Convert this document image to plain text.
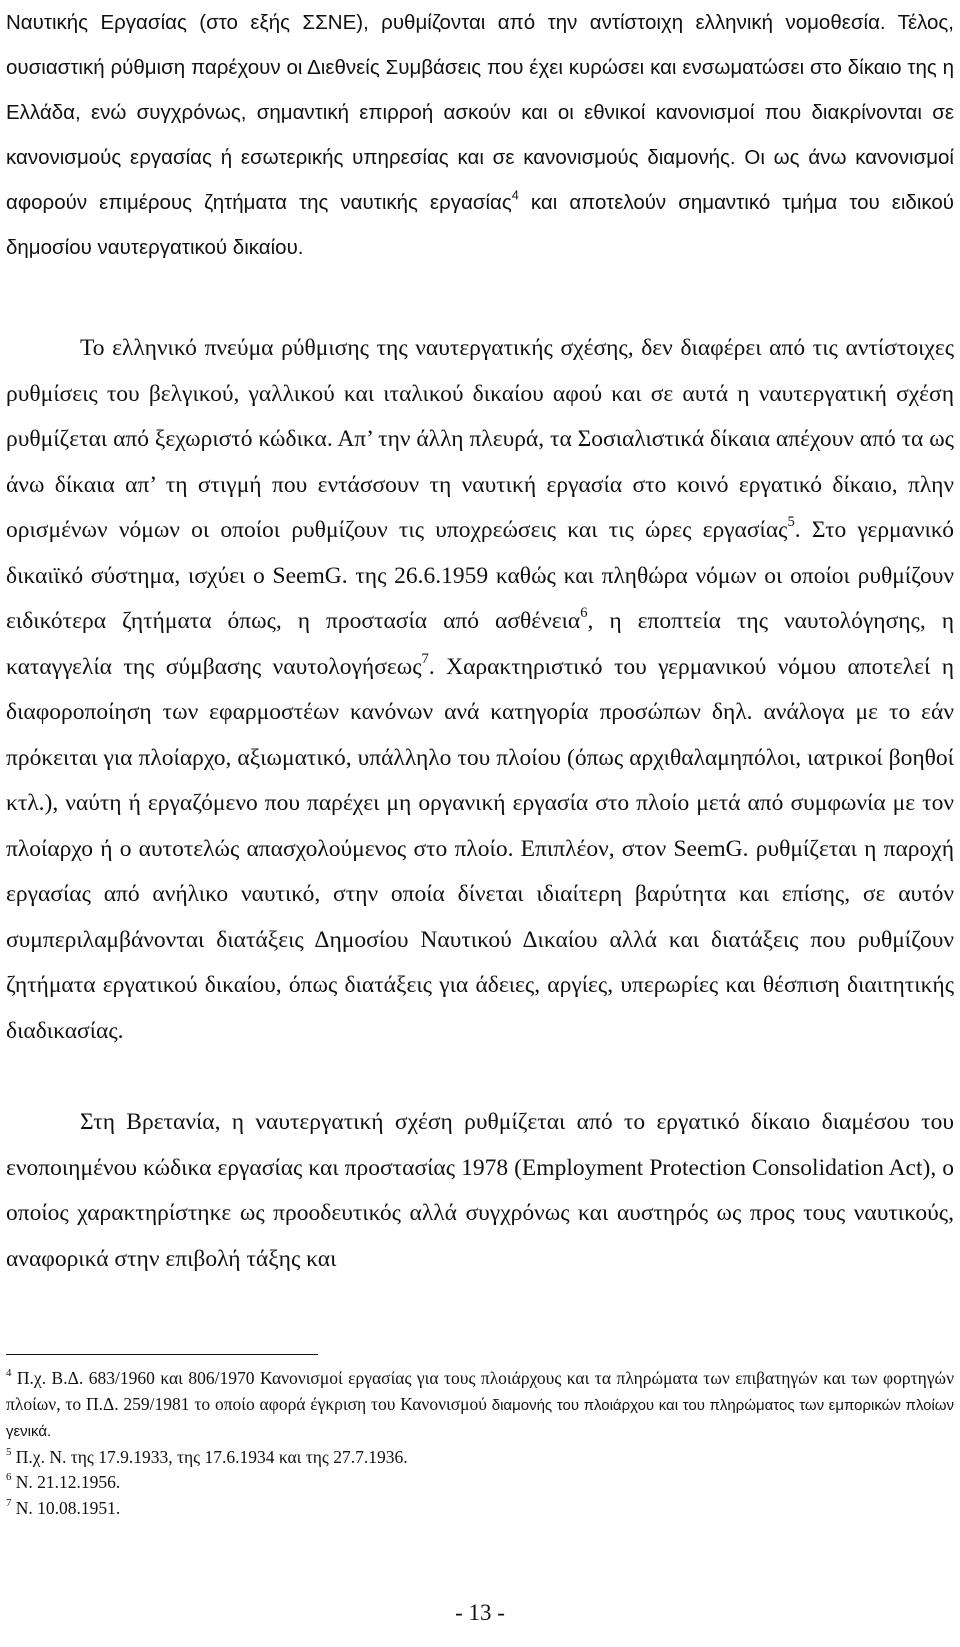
Ναυτικής Εργασίας (στο εξής ΣΣΝΕ), ρυθμίζονται από την αντίστοιχη ελληνική νομοθεσία. Τέλος, ουσιαστική ρύθμιση παρέχουν οι Διεθνείς Συμβάσεις που έχει κυρώσει και ενσωματώσει στο δίκαιο της η Ελλάδα, ενώ συγχρόνως, σημαντική επιρροή ασκούν και οι εθνικοί κανονισμοί που διακρίνονται σε κανονισμούς εργασίας ή εσωτερικής υπηρεσίας και σε κανονισμούς διαμονής. Οι ως άνω κανονισμοί αφορούν επιμέρους ζητήματα της ναυτικής εργασίας$^4$ και αποτελούν σημαντικό τμήμα του ειδικού δημοσίου ναυτεργατικού δικαίου.

Το ελληνικό πνεύμα ρύθμισης της ναυτεργατικής σχέσης, δεν διαφέρει από τις αντίστοιχες ρυθμίσεις του βελγικού, γαλλικού και ιταλικού δικαίου αφού και σε αυτά η ναυτεργατική σχέση ρυθμίζεται από ξεχωριστό κώδικα. Απ’ την άλλη πλευρά, τα Σοσιαλιστικά δίκαια απέχουν από τα ως άνω δίκαια απ’ τη στιγμή που εντάσσουν τη ναυτική εργασία στο κοινό εργατικό δίκαιο, πλην ορισμένων νόμων οι οποίοι ρυθμίζουν τις υποχρεώσεις και τις ώρες εργασίας$^5$. Στο γερμανικό δικαιϊκό σύστημα, ισχύει ο SeemG. της 26.6.1959 καθώς και πληθώρα νόμων οι οποίοι ρυθμίζουν ειδικότερα ζητήματα όπως, η προστασία από ασθένεια$^6$, η εποπτεία της ναυτολόγησης, η καταγγελία της σύμβασης ναυτολογήσεως$^7$. Χαρακτηριστικό του γερμανικού νόμου αποτελεί η διαφοροποίηση των εφαρμοστέων κανόνων ανά κατηγορία προσώπων δηλ. ανάλογα με το εάν πρόκειται για πλοίαρχο, αξιωματικό, υπάλληλο του πλοίου (όπως αρχιθαλαμηπόλοι, ιατρικοί βοηθοί κτλ.), ναύτη ή εργαζόμενο που παρέχει μη οργανική εργασία στο πλοίο μετά από συμφωνία με τον πλοίαρχο ή ο αυτοτελώς απασχολούμενος στο πλοίο. Επιπλέον, στον SeemG. ρυθμίζεται η παροχή εργασίας από ανήλικο ναυτικό, στην οποία δίνεται ιδιαίτερη βαρύτητα και επίσης, σε αυτόν συμπεριλαμβάνονται διατάξεις Δημοσίου Ναυτικού Δικαίου αλλά και διατάξεις που ρυθμίζουν ζητήματα εργατικού δικαίου, όπως διατάξεις για άδειες, αργίες, υπερωρίες και θέσπιση διαιτητικής διαδικασίας.

Στη Βρετανία, η ναυτεργατική σχέση ρυθμίζεται από το εργατικό δίκαιο διαμέσου του ενοποιημένου κώδικα εργασίας και προστασίας 1978 (Employment Protection Consolidation Act), ο οποίος χαρακτηρίστηκε ως προοδευτικός αλλά συγχρόνως και αυστηρός ως προς τους ναυτικούς, αναφορικά στην επιβολή τάξης και

$^4$ Π.χ. Β.Δ. 683/1960 και 806/1970 Κανονισμοί εργασίας για τους πλοιάρχους και τα πληρώματα των επιβατηγών και των φορτηγών πλοίων, το Π.Δ. 259/1981 το οποίο αφορά έγκριση του Κανονισμού διαμονής του πλοιάρχου και του πληρώματος των εμπορικών πλοίων γενικά.

$^5$ Π.χ. Ν. της 17.9.1933, της 17.6.1934 και της 27.7.1936.

$^6$ Ν. 21.12.1956.

$^7$ Ν. 10.08.1951.

- 13 -
